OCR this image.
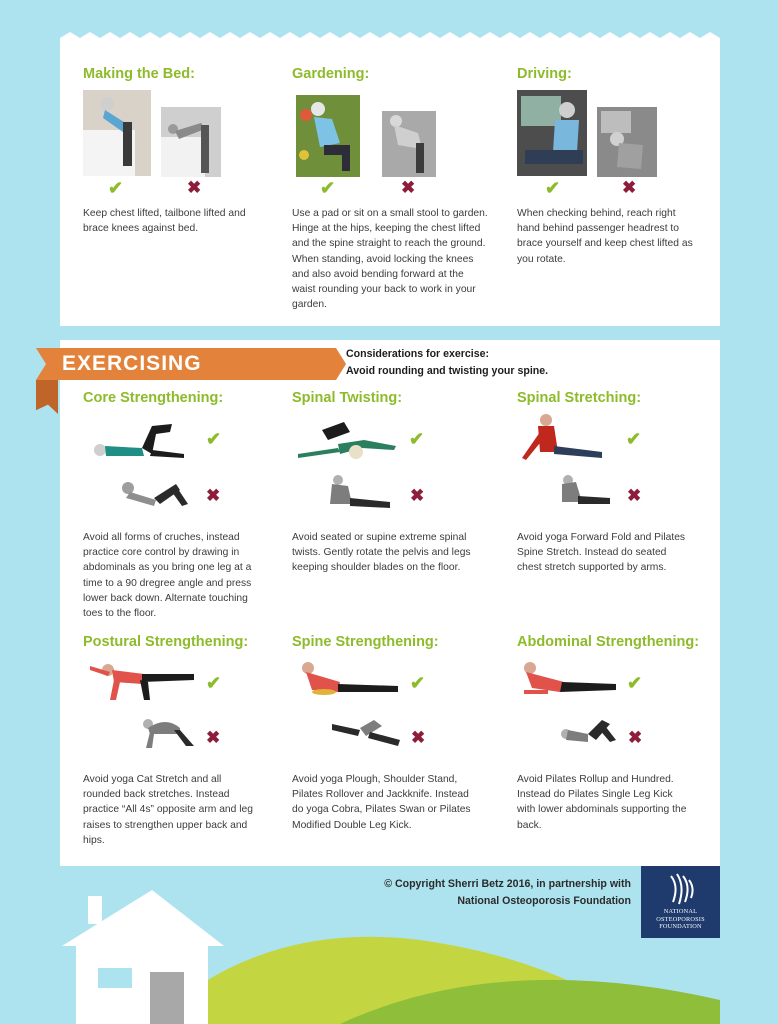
Making the Bed:
✔	✖

Keep chest lifted, tailbone lifted and brace knees against bed.

Gardening:
✔	✖

Use a pad or sit on a small stool to garden. Hinge at the hips, keeping the chest lifted and the spine straight to reach the ground. When standing, avoid locking the knees and also avoid bending forward at the waist rounding your back to work in your garden.

Driving:
✔	✖

When checking behind, reach right hand behind passenger headrest to brace yourself and keep chest lifted as you rotate.

EXERCISING	Considerations for exercise:
Avoid rounding and twisting your spine.
Core Strengthening:
✔
✖

Avoid all forms of cruches, instead practice core control by drawing in abdominals as you bring one leg at a time to a 90 dregree angle and press lower back down. Alternate touching toes to the floor.

Spinal Twisting:
✔
✖

Avoid seated or supine extreme spinal twists. Gently rotate the pelvis and legs keeping shoulder blades on the floor.

Spinal Stretching:
✔
✖

Avoid yoga Forward Fold and Pilates Spine Stretch. Instead do seated chest stretch supported by arms.

Postural Strengthening:
✔
✖

Avoid yoga Cat Stretch and all rounded back stretches. Instead practice “All 4s” opposite arm and leg raises to strengthen upper back and hips.

Spine Strengthening:
✔
✖

Avoid yoga Plough, Shoulder Stand, Pilates Rollover and Jackknife. Instead do yoga Cobra, Pilates Swan or Pilates Modified Double Leg Kick.

Abdominal Strengthening:
✔
✖

Avoid Pilates Rollup and Hundred. Instead do Pilates Single Leg Kick with lower abdominals supporting the back.

© Copyright Sherri Betz 2016, in partnership with
National Osteoporosis Foundation
NATIONAL
OSTEOPOROSIS
FOUNDATION
